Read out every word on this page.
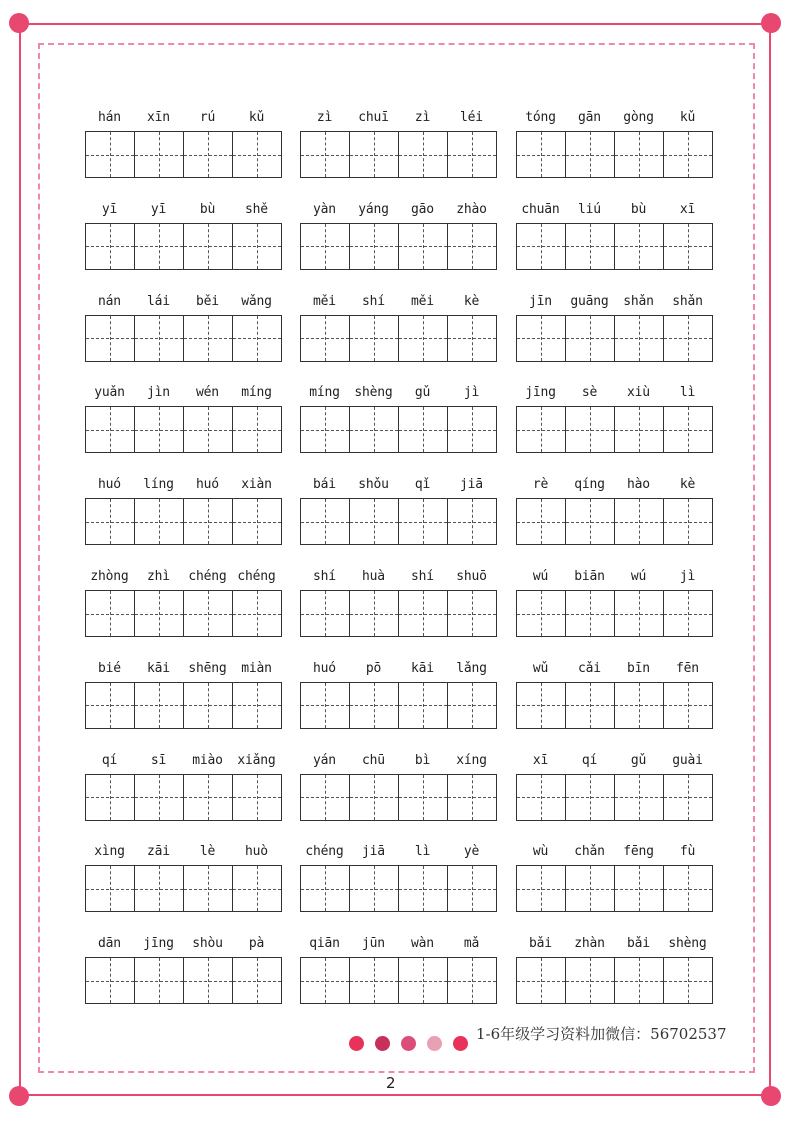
hán	xīn	rú	kǔ	zì	chuī	zì	léi	tóng	gān	gòng	kǔ
yī	yī	bù	shě	yàn	yáng	gāo	zhào	chuān	liú	bù	xī
nán	lái	běi	wǎng	měi	shí	měi	kè	jīn	guāng	shǎn	shǎn
yuǎn	jìn	wén	míng	míng	shèng	gǔ	jì	jīng	sè	xiù	lì
huó	líng	huó	xiàn	bái	shǒu	qǐ	jiā	rè	qíng	hào	kè
zhòng	zhì	chéng chéng	shí	huà	shí	shuō	wú	biān	wú	jì
bié	kāi	shēng	miàn	huó	pō	kāi	lǎng	wǔ	cǎi	bīn	fēn
qí	sī	miào	xiǎng	yán	chū	bì	xíng	xī	qí	gǔ	guài
xìng	zāi	lè	huò	chéng	jiā	lì	yè	wù	chǎn	fēng	fù
dān	jīng	shòu	pà	qiān	jūn	wàn	mǎ	bǎi	zhàn	bǎi	shèng
1-6年级学习资料加微信：56702537
2
